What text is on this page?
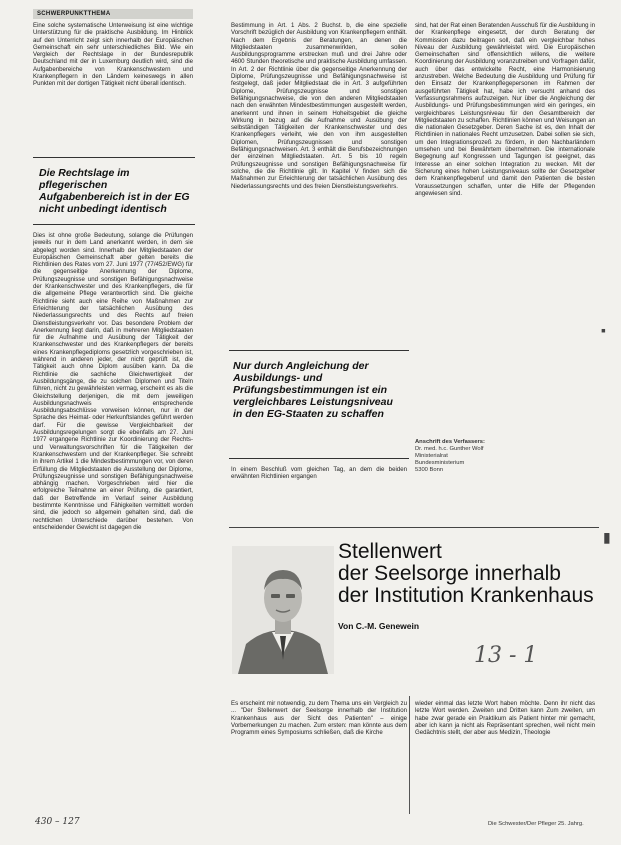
SCHWERPUNKTTHEMA
Eine solche systematische Unterweisung ist eine wichtige Unterstützung für die praktische Ausbildung. Im Hinblick auf den Unterricht zeigt sich innerhalb der Europäischen Gemeinschaft ein sehr unterschiedliches Bild. Wie ein Vergleich der Rechtslage in der Bundesrepublik Deutschland mit der in Luxemburg deutlich wird, sind die Aufgabenbereiche von Krankenschwestern und Krankenpflegern in den Ländern keineswegs in allen Punkten mit der dortigen Tätigkeit nicht überall identisch.
Die Rechtslage im pflegerischen Aufgabenbereich ist in der EG nicht unbedingt identisch
Dies ist ohne große Bedeutung, solange die Prüfungen jeweils nur in dem Land anerkannt werden, in dem sie abgelegt worden sind. Innerhalb der Mitgliedstaaten der Europäischen Gemeinschaft aber gelten bereits die Richtlinien des Rates vom 27. Juni 1977 (77/452/EWG) für die gegenseitige Anerkennung der Diplome, Prüfungszeugnisse und sonstigen Befähigungsnachweise der Krankenschwester und des Krankenpflegers, die für die allgemeine Pflege verantwortlich sind. Die gleiche Richtlinie sieht auch eine Reihe von Maßnahmen zur Erleichterung der tatsächlichen Ausübung des Niederlassungsrechts und des Rechts auf freien Dienstleistungsverkehr vor. Das besondere Problem der Anerkennung liegt darin, daß in mehreren Mitgliedstaaten für die Aufnahme und Ausübung der Tätigkeit der Krankenschwester und des Krankenpflegers der bereits eines Krankenpflegediploms gesetzlich vorgeschrieben ist, während in anderen jeder, der nicht geprüft ist, die Tätigkeit auch ohne Diplom ausüben kann. Da die Richtlinie die sachliche Gleichwertigkeit der Ausbildungsgänge, die zu solchen Diplomen und Titeln führen, nicht zu gewährleisten vermag, erscheint es als die Gleichstellung derjenigen, die mit dem jeweiligen Ausbildungsnachweis entsprechende Ausbildungsabschlüsse vorweisen können, nur in der Sprache des Heimat- oder Herkunftslandes geführt werden darf. Für die gewisse Vergleichbarkeit der Ausbildungsregelungen sorgt die ebenfalls am 27. Juni 1977 ergangene Richtlinie zur Koordinierung der Rechts- und Verwaltungsvorschriften für die Tätigkeiten der Krankenschwestern und der Krankenpfleger. Sie schreibt in ihrem Artikel 1 die Mindestbestimmungen vor, von deren Erfüllung die Mitgliedstaaten die Ausstellung der Diplome, Prüfungszeugnisse und sonstigen Befähigungsnachweise abhängig machen. Vorgeschrieben wird hier die erfolgreiche Teilnahme an einer Prüfung, die garantiert, daß der Betreffende im Verlauf seiner Ausbildung bestimmte Kenntnisse und Fähigkeiten vermittelt worden sind, die jedoch so allgemein gehalten sind, daß die rechtlichen Unterschiede darüber bestehen. Von entscheidender Gewicht ist dagegen die
Bestimmung in Art. 1 Abs. 2 Buchst. b, die eine spezielle Vorschrift bezüglich der Ausbildung von Krankenpflegern enthält. Nach dem Ergebnis der Beratungen, an denen die Mitgliedstaaten zusammenwirkten, sollen Ausbildungsprogramme erstrecken muß und drei Jahre oder 4600 Stunden theoretische und praktische Ausbildung umfassen. In Art. 2 der Richtlinie über die gegenseitige Anerkennung der Diplome, Prüfungszeugnisse und Befähigungsnachweise ist festgelegt, daß jeder Mitgliedstaat die in Art. 3 aufgeführten Diplome, Prüfungszeugnisse und sonstigen Befähigungsnachweise, die von den anderen Mitgliedstaaten nach den erwähnten Mindestbestimmungen ausgestellt werden, anerkennt und ihnen in seinem Hoheitsgebiet die gleiche Wirkung in bezug auf die Aufnahme und Ausübung der selbständigen Tätigkeiten der Krankenschwester und des Krankenpflegers verleiht, wie den von ihm ausgestellten Diplomen, Prüfungszeugnissen und sonstigen Befähigungsnachweisen. Art. 3 enthält die Berufsbezeichnungen der einzelnen Mitgliedstaaten. Art. 5 bis 10 regeln Prüfungszeugnisse und sonstigen Befähigungsnachweise für solche, die die Richtlinie gilt. In Kapitel V finden sich die Maßnahmen zur Erleichterung der tatsächlichen Ausübung des Niederlassungsrechts und des freien Dienstleistungsverkehrs.
Nur durch Angleichung der Ausbildungs- und Prüfungsbestimmungen ist ein vergleichbares Leistungsniveau in den EG-Staaten zu schaffen
In einem Beschluß vom gleichen Tag, an dem die beiden erwähnten Richtlinien ergangen
sind, hat der Rat einen Beratenden Ausschuß für die Ausbildung in der Krankenpflege eingesetzt, der durch Beratung der Kommission dazu beitragen soll, daß ein vergleichbar hohes Niveau der Ausbildung gewährleistet wird. Die Europäischen Gemeinschaften sind offensichtlich willens, die weitere Koordinierung der Ausbildung voranzutreiben und Vorfragen dafür, auch über das entwickelte Recht, eine Harmonisierung anzustreben. Welche Bedeutung die Ausbildung und Prüfung für den Einsatz der Krankenpflegepersonen im Rahmen der ausgeführten Tätigkeit hat, habe ich versucht anhand des Verfassungsrahmens aufzuzeigen. Nur über die Angleichung der Ausbildungs- und Prüfungsbestimmungen wird ein geringes, ein vergleichbares Leistungsniveau für den Gesamtbereich der Mitgliedstaaten zu schaffen. Richtlinien können und Weisungen an die nationalen Gesetzgeber. Deren Sache ist es, den Inhalt der Richtlinien in nationales Recht umzusetzen. Dabei sollen sie sich, um den Integrationsprozeß zu fördern, in den Nachbarländern umsehen und bei Bewährtem übernehmen. Die internationale Begegnung auf Kongressen und Tagungen ist geeignet, das Interesse an einer solchen Integration zu wecken. Mit der Sicherung eines hohen Leistungsniveaus sollte der Gesetzgeber dem Krankenpflegeberuf und damit den Patienten die besten Voraussetzungen schaffen, unter die Hilfe der Pflegenden angewiesen sind.
Anschrift des Verfassers:
Dr. med. h.c. Gunther Wolf
Ministerialrat
Bundesministerium
5300 Bonn
Stellenwert
der Seelsorge innerhalb
der Institution Krankenhaus
Von C.-M. Genewein
13 - 1
Es erscheint mir notwendig, zu dem Thema uns ein Vergleich zu ... "Der Stellenwert der Seelsorge innerhalb der Institution Krankenhaus aus der Sicht des Patienten" – einige Vorbemerkungen zu machen. Zum ersten: man könnte aus dem Programm eines Symposiums schließen, daß die Kirche
wieder einmal das letzte Wort haben möchte. Denn ihr nicht das letzte Wort werden. Zweiten und Dritten kann Zum zweiten, um habe zwar gerade ein Praktikum als Patient hinter mir gemacht, aber ich kann ja nicht als Repräsentant sprechen, weil nicht mein Gedächtnis stellt, der aber aus Medizin, Theologie
430 – 127	Die Schwester/Der Pfleger 25. Jahrg.
▪
▮
